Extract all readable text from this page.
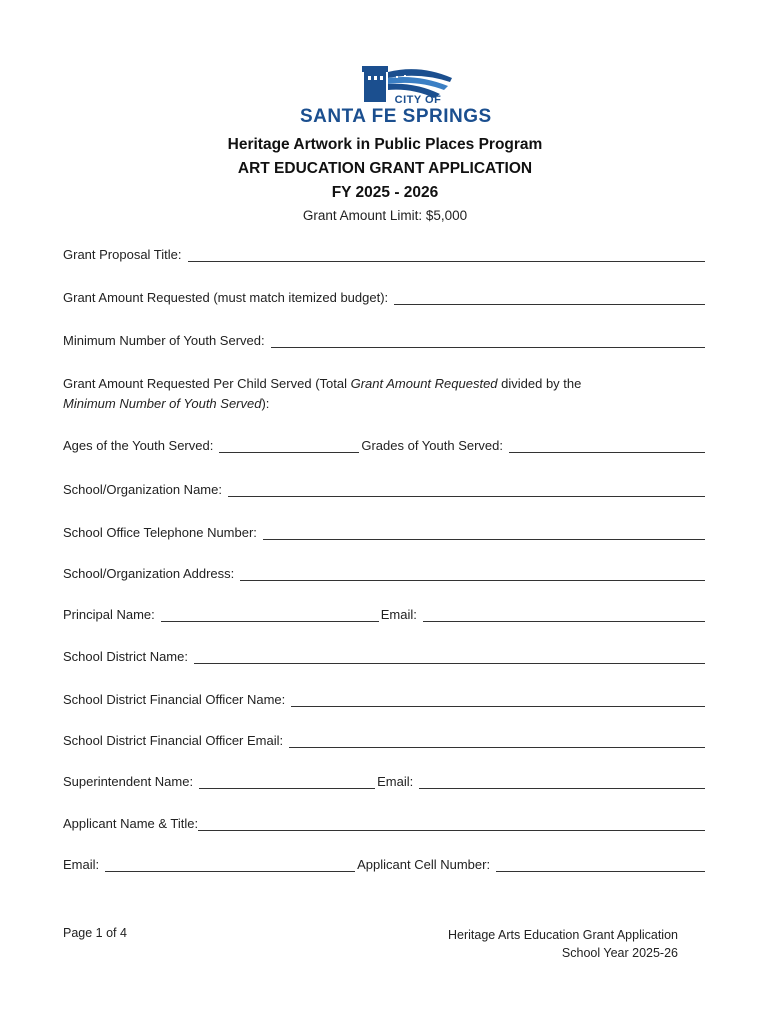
CITY OF
SANTA FE SPRINGS
Heritage Artwork in Public Places Program
ART EDUCATION GRANT APPLICATION
FY 2025 - 2026
Grant Amount Limit: $5,000
Grant Proposal Title:
Grant Amount Requested (must match itemized budget):
Minimum Number of Youth Served:
Grant Amount Requested Per Child Served (Total Grant Amount Requested divided by the
Minimum Number of Youth Served):
Ages of the Youth Served:	Grades of Youth Served:
School/Organization Name:
School Office Telephone Number:
School/Organization Address:
Principal Name:	Email:
School District Name:
School District Financial Officer Name:
School District Financial Officer Email:
Superintendent Name:	Email:
Applicant Name & Title:
Email:	Applicant Cell Number:
Page 1 of 4	Heritage Arts Education Grant Application
School Year 2025-26
